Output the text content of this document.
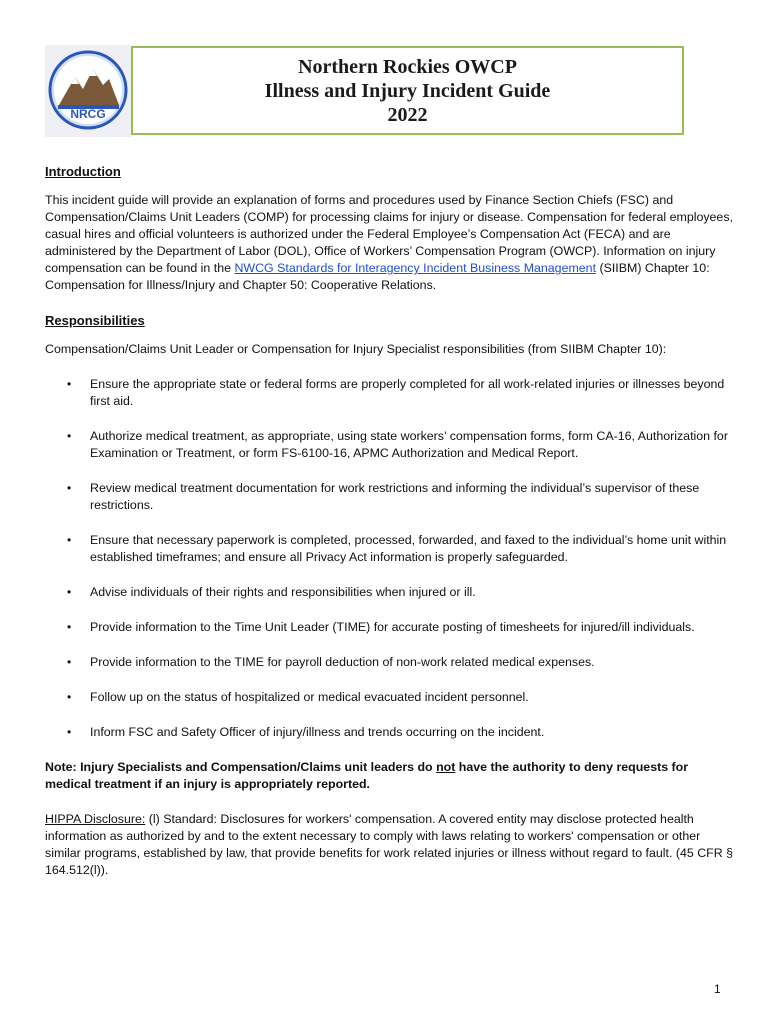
NRCG
Northern Rockies OWCP
Illness and Injury Incident Guide
2022

Introduction

This incident guide will provide an explanation of forms and procedures used by Finance Section Chiefs (FSC) and Compensation/Claims Unit Leaders (COMP) for processing claims for injury or disease. Compensation for federal employees, casual hires and official volunteers is authorized under the Federal Employee’s Compensation Act (FECA) and are administered by the Department of Labor (DOL), Office of Workers’ Compensation Program (OWCP). Information on injury compensation can be found in the NWCG Standards for Interagency Incident Business Management (SIIBM) Chapter 10: Compensation for Illness/Injury and Chapter 50: Cooperative Relations.

Responsibilities

Compensation/Claims Unit Leader or Compensation for Injury Specialist responsibilities (from SIIBM Chapter 10):

• Ensure the appropriate state or federal forms are properly completed for all work-related injuries or illnesses beyond first aid.
• Authorize medical treatment, as appropriate, using state workers’ compensation forms, form CA-16, Authorization for Examination or Treatment, or form FS-6100-16, APMC Authorization and Medical Report.
• Review medical treatment documentation for work restrictions and informing the individual’s supervisor of these restrictions.
• Ensure that necessary paperwork is completed, processed, forwarded, and faxed to the individual’s home unit within established timeframes; and ensure all Privacy Act information is properly safeguarded.
• Advise individuals of their rights and responsibilities when injured or ill.
• Provide information to the Time Unit Leader (TIME) for accurate posting of timesheets for injured/ill individuals.
• Provide information to the TIME for payroll deduction of non-work related medical expenses.
• Follow up on the status of hospitalized or medical evacuated incident personnel.
• Inform FSC and Safety Officer of injury/illness and trends occurring on the incident.

Note: Injury Specialists and Compensation/Claims unit leaders do not have the authority to deny requests for medical treatment if an injury is appropriately reported.

HIPPA Disclosure: (l) Standard: Disclosures for workers' compensation. A covered entity may disclose protected health information as authorized by and to the extent necessary to comply with laws relating to workers' compensation or other similar programs, established by law, that provide benefits for work related injuries or illness without regard to fault. (45 CFR § 164.512(l)).

1
